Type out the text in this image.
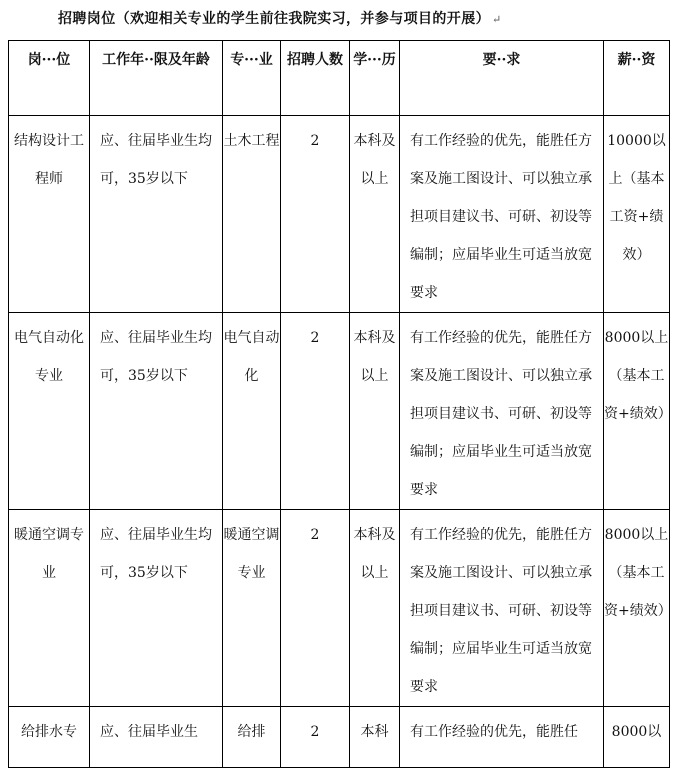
招聘岗位（欢迎相关专业的学生前往我院实习，并参与项目的开展） ↵
岗···位	工作年··限及年龄	专···业	招聘人数	学···历	要··求	薪··资

结构设计工程师	应、往届毕业生均可，35岁以下	土木工程	2	本科及以上	有工作经验的优先，能胜任方案及施工图设计、可以独立承担项目建议书、可研、初设等编制；应届毕业生可适当放宽要求	10000以上（基本工资+绩效）

电气自动化专业	应、往届毕业生均可，35岁以下	电气自动化	2	本科及以上	有工作经验的优先，能胜任方案及施工图设计、可以独立承担项目建议书、可研、初设等编制；应届毕业生可适当放宽要求	8000以上（基本工资+绩效）

暖通空调专业	应、往届毕业生均可，35岁以下	暖通空调专业	2	本科及以上	有工作经验的优先，能胜任方案及施工图设计、可以独立承担项目建议书、可研、初设等编制；应届毕业生可适当放宽要求	8000以上（基本工资+绩效）

给排水专	应、往届毕业生	给排	2	本科	有工作经验的优先，能胜任	8000以
